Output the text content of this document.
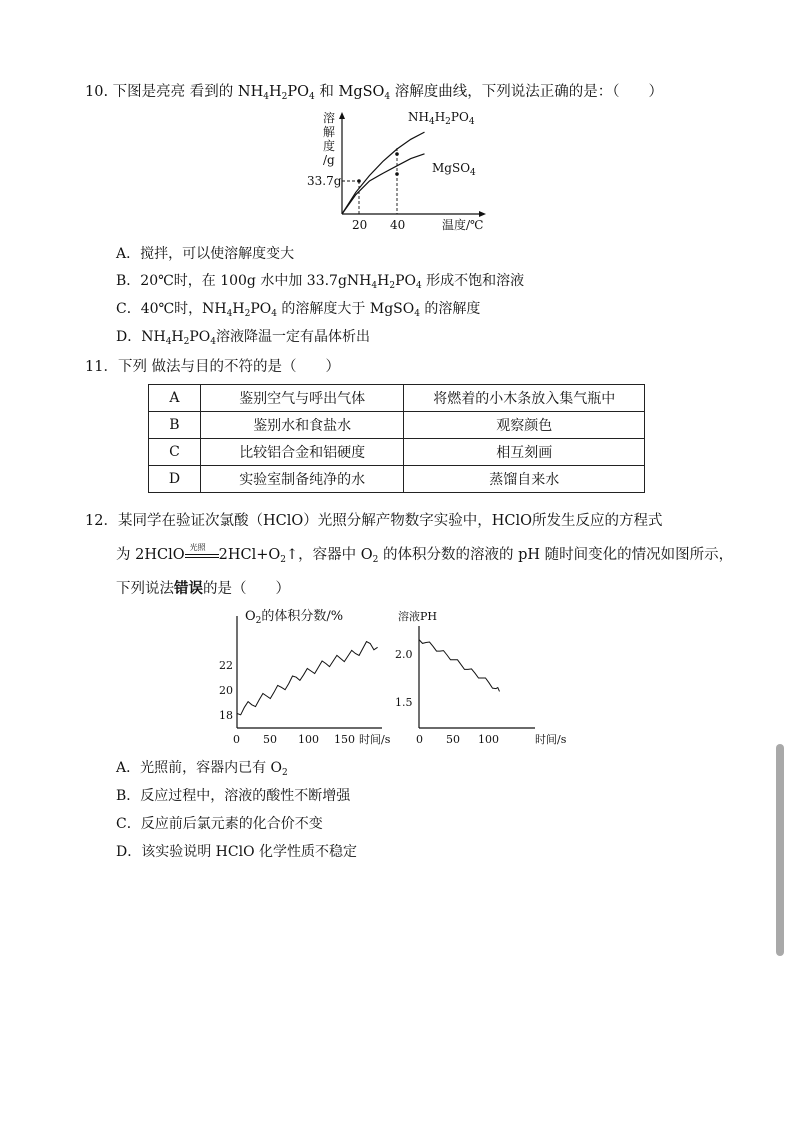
10. 下图是亮亮 看到的 $NH_4H_2PO_4$ 和 MgSO$_4$ 溶解度曲线，下列说法正确的是：（　　）
溶
解
度
/g
33.7g
20 40	温度/℃
$NH_4H_2PO_4$
MgSO$_4$
A．搅拌，可以使溶解度变大
B．20℃时，在 100g 水中加 $33.7gNH_4H_2PO_4$ 形成不饱和溶液
C．40℃时，$NH_4H_2PO_4$ 的溶解度大于 MgSO$_4$ 的溶解度
D．$NH_4H_2PO_4$溶液降温一定有晶体析出
11．下列 做法与目的不符的是（　　）
A	鉴别空气与呼出气体	将燃着的小木条放入集气瓶中
B	鉴别水和食盐水	观察颜色
C	比较铝合金和铝硬度	相互刻画
D	实验室制备纯净的水	蒸馏自来水
12．某同学在验证次氯酸（HClO）光照分解产物数字实验中，HClO所发生反应的方程式
为 2HClO 光照 $2HCl+O_2↑$，容器中 $O_2$ 的体积分数的溶液的 pH 随时间变化的情况如图所示，
下列说法错误的是（　　）
$O_2$的体积分数/%
22
20
18
0 50 100 150 时间/s
溶液PH
2.0
1.5
0 50 100	时间/s
A．光照前，容器内已有 $O_2$
B．反应过程中，溶液的酸性不断增强
C．反应前后氯元素的化合价不变
D．该实验说明 HClO 化学性质不稳定
